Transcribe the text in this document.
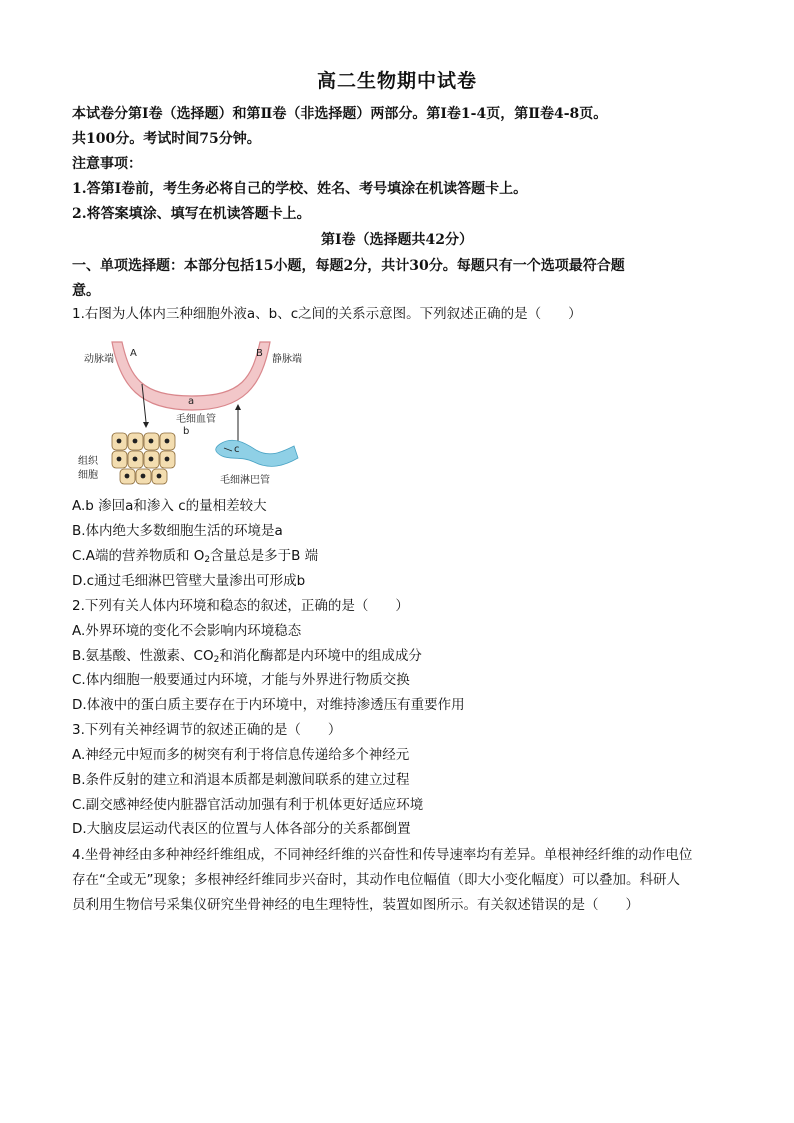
高二生物期中试卷
本试卷分第Ⅰ卷（选择题）和第Ⅱ卷（非选择题）两部分。第Ⅰ卷1-4页，第Ⅱ卷4-8页。
共100分。考试时间75分钟。
注意事项：
1.答第Ⅰ卷前，考生务必将自己的学校、姓名、考号填涂在机读答题卡上。
2.将答案填涂、填写在机读答题卡上。
第Ⅰ卷（选择题共42分）
一、单项选择题：本部分包括15小题，每题2分，共计30分。每题只有一个选项最符合题
意。
1.右图为人体内三种细胞外液a、b、c之间的关系示意图。下列叙述正确的是（　　）
动脉端
A	B
静脉端
a
毛细血管
b
c
组织
细胞	毛细淋巴管
A.b 渗回a和渗入 c的量相差较大
B.体内绝大多数细胞生活的环境是a
C.A端的营养物质和 $O_2$含量总是多于B 端
D.c通过毛细淋巴管壁大量渗出可形成b
2.下列有关人体内环境和稳态的叙述，正确的是（　　）
A.外界环境的变化不会影响内环境稳态
B.氨基酸、性激素、$CO_2$和消化酶都是内环境中的组成成分
C.体内细胞一般要通过内环境，才能与外界进行物质交换
D.体液中的蛋白质主要存在于内环境中，对维持渗透压有重要作用
3.下列有关神经调节的叙述正确的是（　　）
A.神经元中短而多的树突有利于将信息传递给多个神经元
B.条件反射的建立和消退本质都是刺激间联系的建立过程
C.副交感神经使内脏器官活动加强有利于机体更好适应环境
D.大脑皮层运动代表区的位置与人体各部分的关系都倒置
4.坐骨神经由多种神经纤维组成，不同神经纤维的兴奋性和传导速率均有差异。单根神经纤维的动作电位
存在“全或无”现象；多根神经纤维同步兴奋时，其动作电位幅值（即大小变化幅度）可以叠加。科研人
员利用生物信号采集仪研究坐骨神经的电生理特性，装置如图所示。有关叙述错误的是（　　）
